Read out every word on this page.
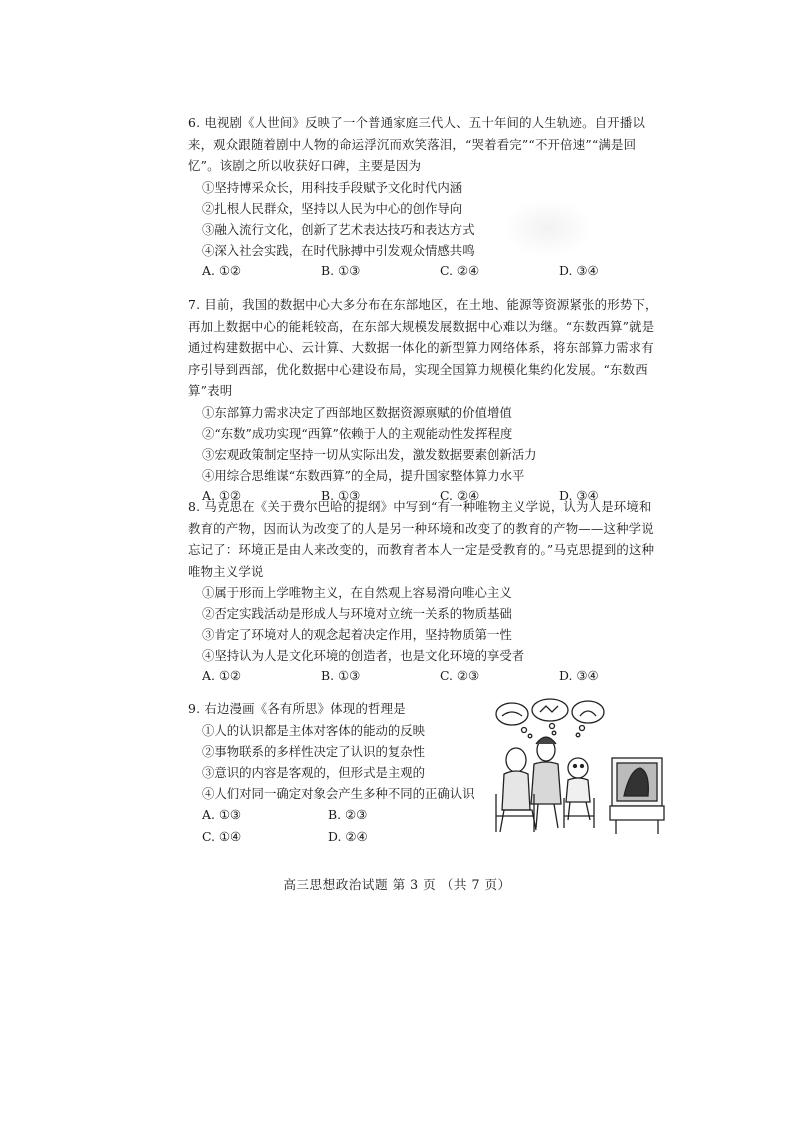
6. 电视剧《人世间》反映了一个普通家庭三代人、五十年间的人生轨迹。自开播以来，观众跟随着剧中人物的命运浮沉而欢笑落泪，“哭着看完”“不开倍速”“满是回忆”。该剧之所以收获好口碑，主要是因为

①坚持博采众长，用科技手段赋予文化时代内涵

②扎根人民群众，坚持以人民为中心的创作导向

③融入流行文化，创新了艺术表达技巧和表达方式

④深入社会实践，在时代脉搏中引发观众情感共鸣

A. ①②	B. ①③	C. ②④	D. ③④

7. 目前，我国的数据中心大多分布在东部地区，在土地、能源等资源紧张的形势下，再加上数据中心的能耗较高，在东部大规模发展数据中心难以为继。“东数西算”就是通过构建数据中心、云计算、大数据一体化的新型算力网络体系，将东部算力需求有序引导到西部，优化数据中心建设布局，实现全国算力规模化集约化发展。“东数西算”表明

①东部算力需求决定了西部地区数据资源禀赋的价值增值

②“东数”成功实现“西算”依赖于人的主观能动性发挥程度

③宏观政策制定坚持一切从实际出发，激发数据要素创新活力

④用综合思维谋“东数西算”的全局，提升国家整体算力水平

A. ①②	B. ①③	C. ②④	D. ③④

8. 马克思在《关于费尔巴哈的提纲》中写到“有一种唯物主义学说，认为人是环境和教育的产物，因而认为改变了的人是另一种环境和改变了的教育的产物——这种学说忘记了：环境正是由人来改变的，而教育者本人一定是受教育的。”马克思提到的这种唯物主义学说

①属于形而上学唯物主义，在自然观上容易滑向唯心主义

②否定实践活动是形成人与环境对立统一关系的物质基础

③肯定了环境对人的观念起着决定作用，坚持物质第一性

④坚持认为人是文化环境的创造者，也是文化环境的享受者

A. ①②	B. ①③	C. ②③	D. ③④

9. 右边漫画《各有所思》体现的哲理是

①人的认识都是主体对客体的能动的反映

②事物联系的多样性决定了认识的复杂性

③意识的内容是客观的，但形式是主观的

④人们对同一确定对象会产生多种不同的正确认识

A. ①③	B. ②③
C. ①④	D. ②④
高三思想政治试题 第 3 页 （共 7 页）
